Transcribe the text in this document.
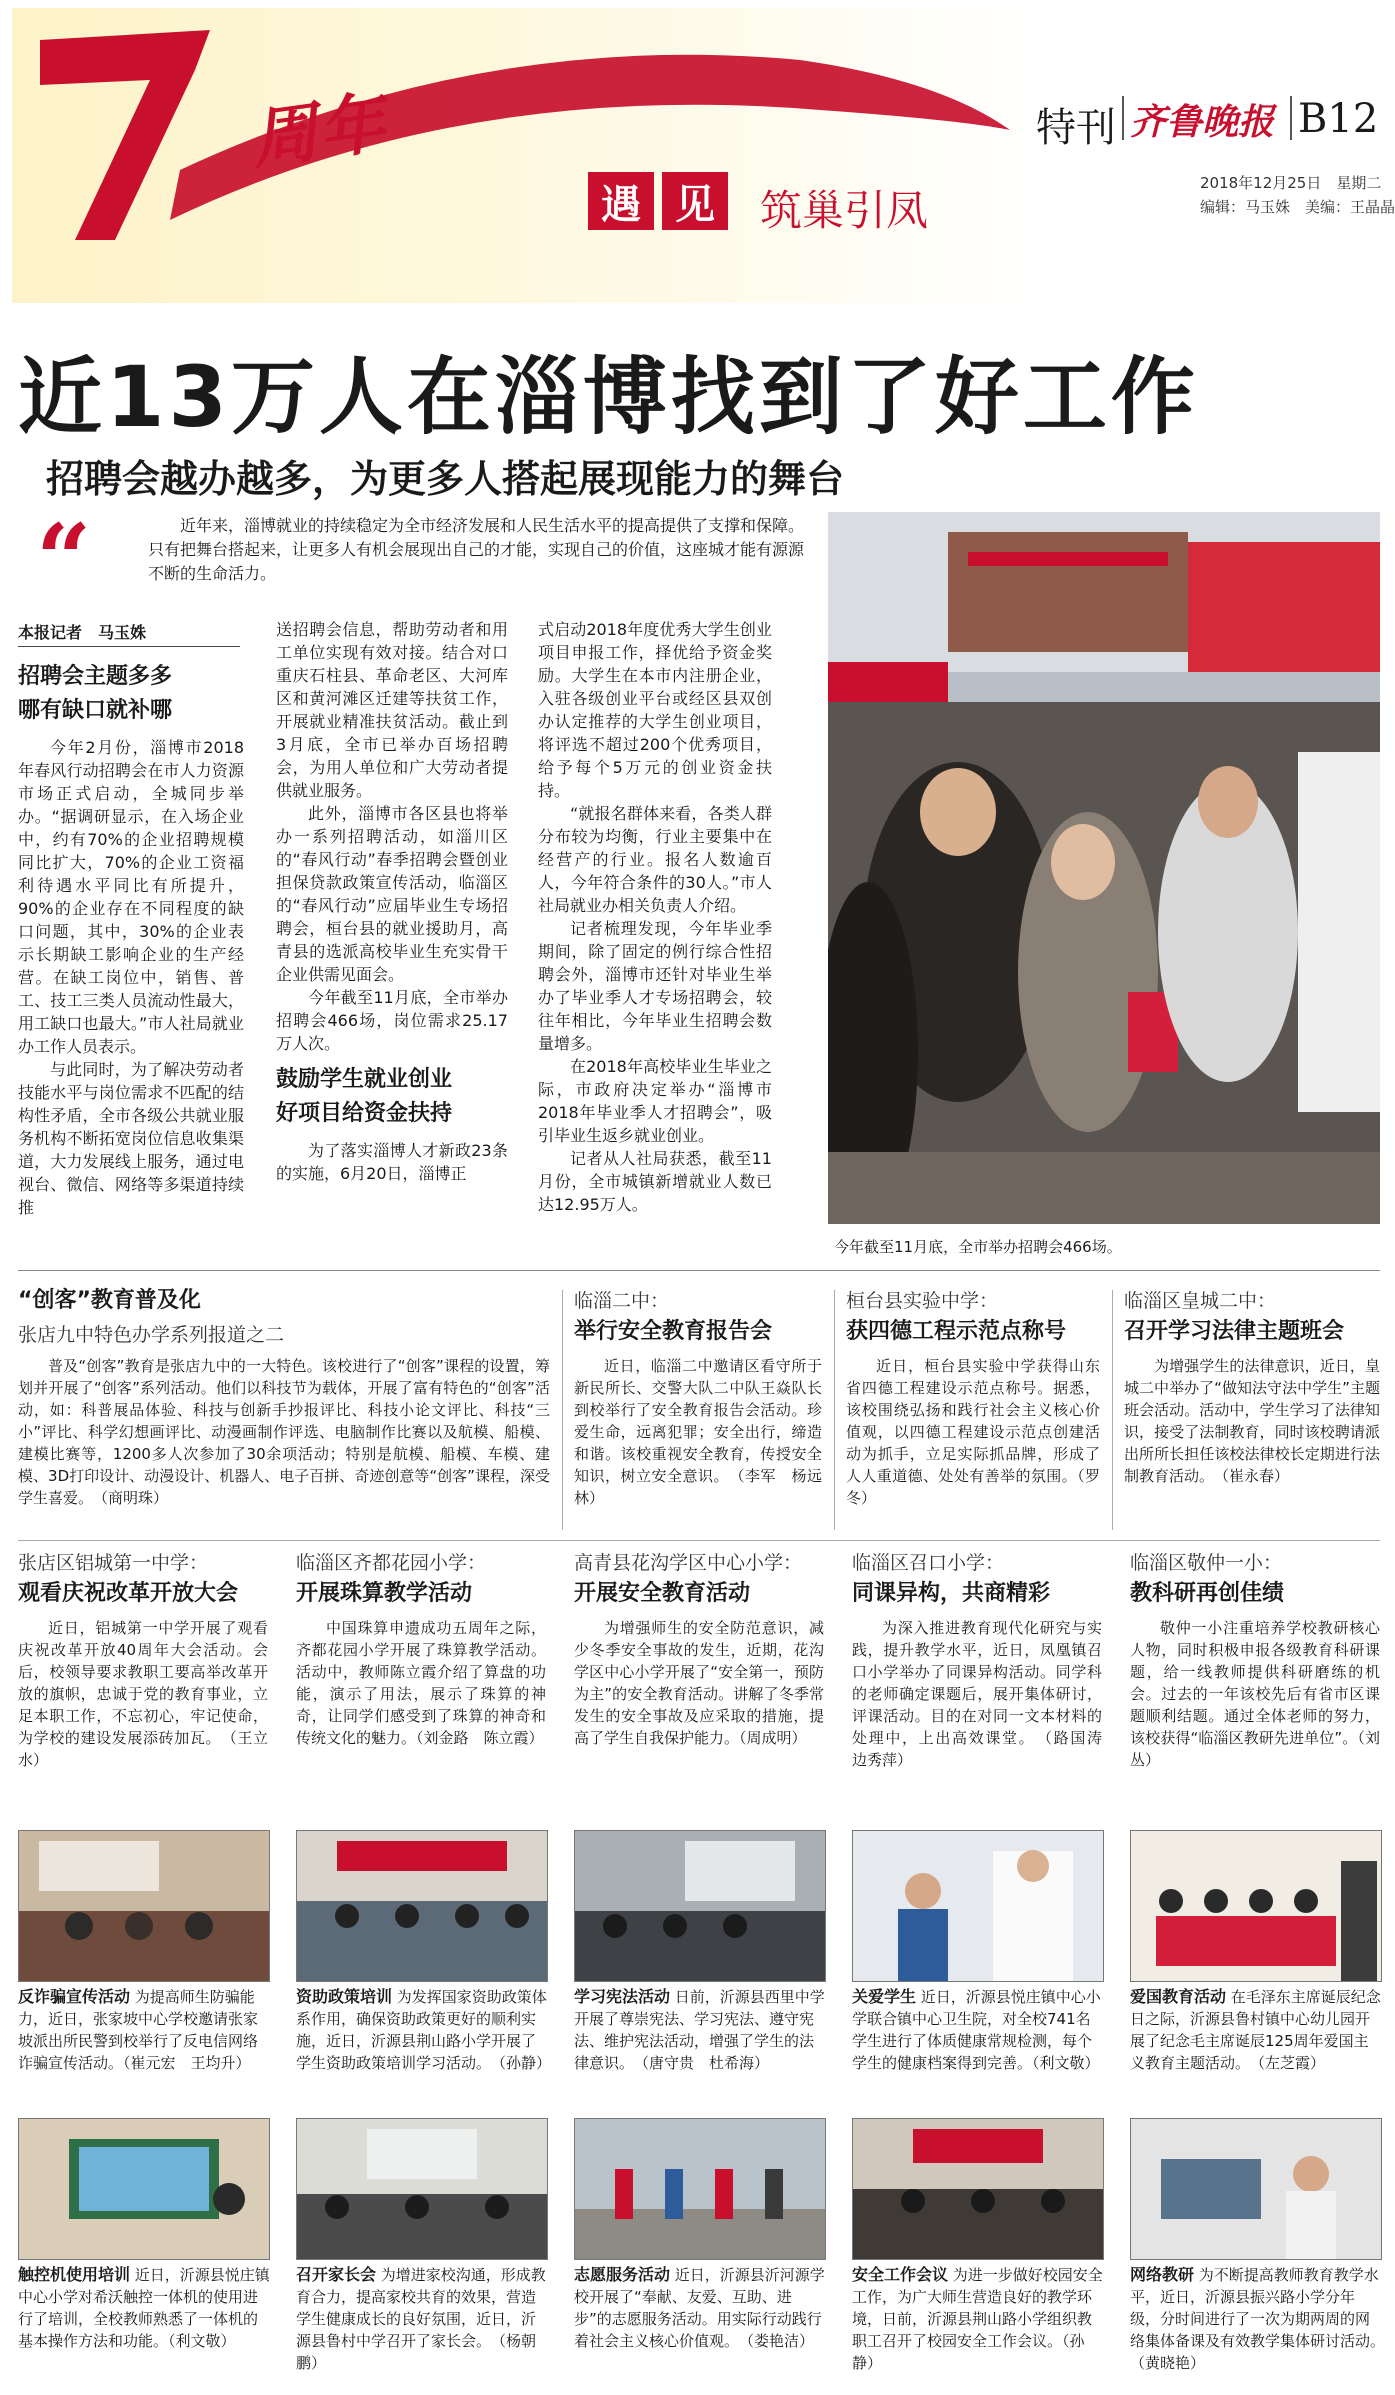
周年
遇 见	筑巢引凤
特刊 齐鲁晚报 B12
2018年12月25日　星期二
编辑：马玉姝　美编：王晶晶
近13万人在淄博找到了好工作
招聘会越办越多，为更多人搭起展现能力的舞台
“	近年来，淄博就业的持续稳定为全市经济发展和人民生活水平的提高提供了支撑和保障。只有把舞台搭起来，让更多人有机会展现出自己的才能，实现自己的价值，这座城才能有源源不断的生命活力。
本报记者　马玉姝
招聘会主题多多
哪有缺口就补哪

今年2月份，淄博市2018年春风行动招聘会在市人力资源市场正式启动，全城同步举办。“据调研显示，在入场企业中，约有70%的企业招聘规模同比扩大，70%的企业工资福利待遇水平同比有所提升，90%的企业存在不同程度的缺口问题，其中，30%的企业表示长期缺工影响企业的生产经营。在缺工岗位中，销售、普工、技工三类人员流动性最大，用工缺口也最大。”市人社局就业办工作人员表示。

与此同时，为了解决劳动者技能水平与岗位需求不匹配的结构性矛盾，全市各级公共就业服务机构不断拓宽岗位信息收集渠道，大力发展线上服务，通过电视台、微信、网络等多渠道持续推

送招聘会信息，帮助劳动者和用工单位实现有效对接。结合对口重庆石柱县、革命老区、大河库区和黄河滩区迁建等扶贫工作，开展就业精准扶贫活动。截止到3月底，全市已举办百场招聘会，为用人单位和广大劳动者提供就业服务。

此外，淄博市各区县也将举办一系列招聘活动，如淄川区的“春风行动”春季招聘会暨创业担保贷款政策宣传活动，临淄区的“春风行动”应届毕业生专场招聘会，桓台县的就业援助月，高青县的选派高校毕业生充实骨干企业供需见面会。

今年截至11月底，全市举办招聘会466场，岗位需求25.17万人次。

鼓励学生就业创业
好项目给资金扶持

为了落实淄博人才新政23条的实施，6月20日，淄博正

式启动2018年度优秀大学生创业项目申报工作，择优给予资金奖励。大学生在本市内注册企业，入驻各级创业平台或经区县双创办认定推荐的大学生创业项目，将评选不超过200个优秀项目，给予每个5万元的创业资金扶持。

“就报名群体来看，各类人群分布较为均衡，行业主要集中在经营产的行业。报名人数逾百人，今年符合条件的30人。”市人社局就业办相关负责人介绍。

记者梳理发现，今年毕业季期间，除了固定的例行综合性招聘会外，淄博市还针对毕业生举办了毕业季人才专场招聘会，较往年相比，今年毕业生招聘会数量增多。

在2018年高校毕业生毕业之际，市政府决定举办“淄博市2018年毕业季人才招聘会”，吸引毕业生返乡就业创业。

记者从人社局获悉，截至11月份，全市城镇新增就业人数已达12.95万人。

今年截至11月底，全市举办招聘会466场。
“创客”教育普及化
张店九中特色办学系列报道之二
普及“创客”教育是张店九中的一大特色。该校进行了“创客”课程的设置，筹划并开展了“创客”系列活动。他们以科技节为载体，开展了富有特色的“创客”活动，如：科普展品体验、科技与创新手抄报评比、科技小论文评比、科技“三小”评比、科学幻想画评比、动漫画制作评选、电脑制作比赛以及航模、船模、建模比赛等，1200多人次参加了30余项活动；特别是航模、船模、车模、建模、3D打印设计、动漫设计、机器人、电子百拼、奇迹创意等“创客”课程，深受学生喜爱。　（商明珠）
临淄二中：
举行安全教育报告会
近日，临淄二中邀请区看守所于新民所长、交警大队二中队王焱队长到校举行了安全教育报告会活动。珍爱生命，远离犯罪；安全出行，缔造和谐。该校重视安全教育，传授安全知识，树立安全意识。　（李军　杨远林）
桓台县实验中学：
获四德工程示范点称号
近日，桓台县实验中学获得山东省四德工程建设示范点称号。据悉，该校围绕弘扬和践行社会主义核心价值观，以四德工程建设示范点创建活动为抓手，立足实际抓品牌，形成了人人重道德、处处有善举的氛围。（罗冬）
临淄区皇城二中：
召开学习法律主题班会
为增强学生的法律意识，近日，皇城二中举办了“做知法守法中学生”主题班会活动。活动中，学生学习了法律知识，接受了法制教育，同时该校聘请派出所所长担任该校法律校长定期进行法制教育活动。　（崔永春）
张店区铝城第一中学：
观看庆祝改革开放大会
近日，铝城第一中学开展了观看庆祝改革开放40周年大会活动。会后，校领导要求教职工要高举改革开放的旗帜，忠诚于党的教育事业，立足本职工作，不忘初心，牢记使命，为学校的建设发展添砖加瓦。　（王立水）
临淄区齐都花园小学：
开展珠算教学活动
中国珠算申遗成功五周年之际，齐都花园小学开展了珠算教学活动。活动中，教师陈立霞介绍了算盘的功能，演示了用法，展示了珠算的神奇，让同学们感受到了珠算的神奇和传统文化的魅力。（刘金路　陈立霞）
高青县花沟学区中心小学：
开展安全教育活动
为增强师生的安全防范意识，减少冬季安全事故的发生，近期，花沟学区中心小学开展了“安全第一，预防为主”的安全教育活动。讲解了冬季常发生的安全事故及应采取的措施，提高了学生自我保护能力。（周成明）
临淄区召口小学：
同课异构，共商精彩
为深入推进教育现代化研究与实践，提升教学水平，近日，凤凰镇召口小学举办了同课异构活动。同学科的老师确定课题后，展开集体研讨，评课活动。目的在对同一文本材料的处理中，上出高效课堂。　（路国涛　边秀萍）
临淄区敬仲一小：
教科研再创佳绩
敬仲一小注重培养学校教研核心人物，同时积极申报各级教育科研课题，给一线教师提供科研磨练的机会。过去的一年该校先后有省市区课题顺利结题。通过全体老师的努力，该校获得“临淄区教研先进单位”。（刘丛）
反诈骗宣传活动 为提高师生防骗能力，近日，张家坡中心学校邀请张家坡派出所民警到校举行了反电信网络诈骗宣传活动。（崔元宏　王均升）
资助政策培训 为发挥国家资助政策体系作用，确保资助政策更好的顺利实施，近日，沂源县荆山路小学开展了学生资助政策培训学习活动。　（孙静）
学习宪法活动 日前，沂源县西里中学开展了尊崇宪法、学习宪法、遵守宪法、维护宪法活动，增强了学生的法律意识。　（唐守贵　杜希海）
关爱学生 近日，沂源县悦庄镇中心小学联合镇中心卫生院，对全校741名学生进行了体质健康常规检测，每个学生的健康档案得到完善。（利文敬）
爱国教育活动 在毛泽东主席诞辰纪念日之际，沂源县鲁村镇中心幼儿园开展了纪念毛主席诞辰125周年爱国主义教育主题活动。　（左芝霞）
触控机使用培训 近日，沂源县悦庄镇中心小学对希沃触控一体机的使用进行了培训，全校教师熟悉了一体机的基本操作方法和功能。（利文敬）
召开家长会 为增进家校沟通，形成教育合力，提高家校共育的效果，营造学生健康成长的良好氛围，近日，沂源县鲁村中学召开了家长会。　（杨朝鹏）
志愿服务活动 近日，沂源县沂河源学校开展了“奉献、友爱、互助、进步”的志愿服务活动。用实际行动践行着社会主义核心价值观。　（娄艳洁）
安全工作会议 为进一步做好校园安全工作，为广大师生营造良好的教学环境，日前，沂源县荆山路小学组织教职工召开了校园安全工作会议。（孙静）
网络教研 为不断提高教师教育教学水平，近日，沂源县振兴路小学分年级，分时间进行了一次为期两周的网络集体备课及有效教学集体研讨活动。　（黄晓艳）
